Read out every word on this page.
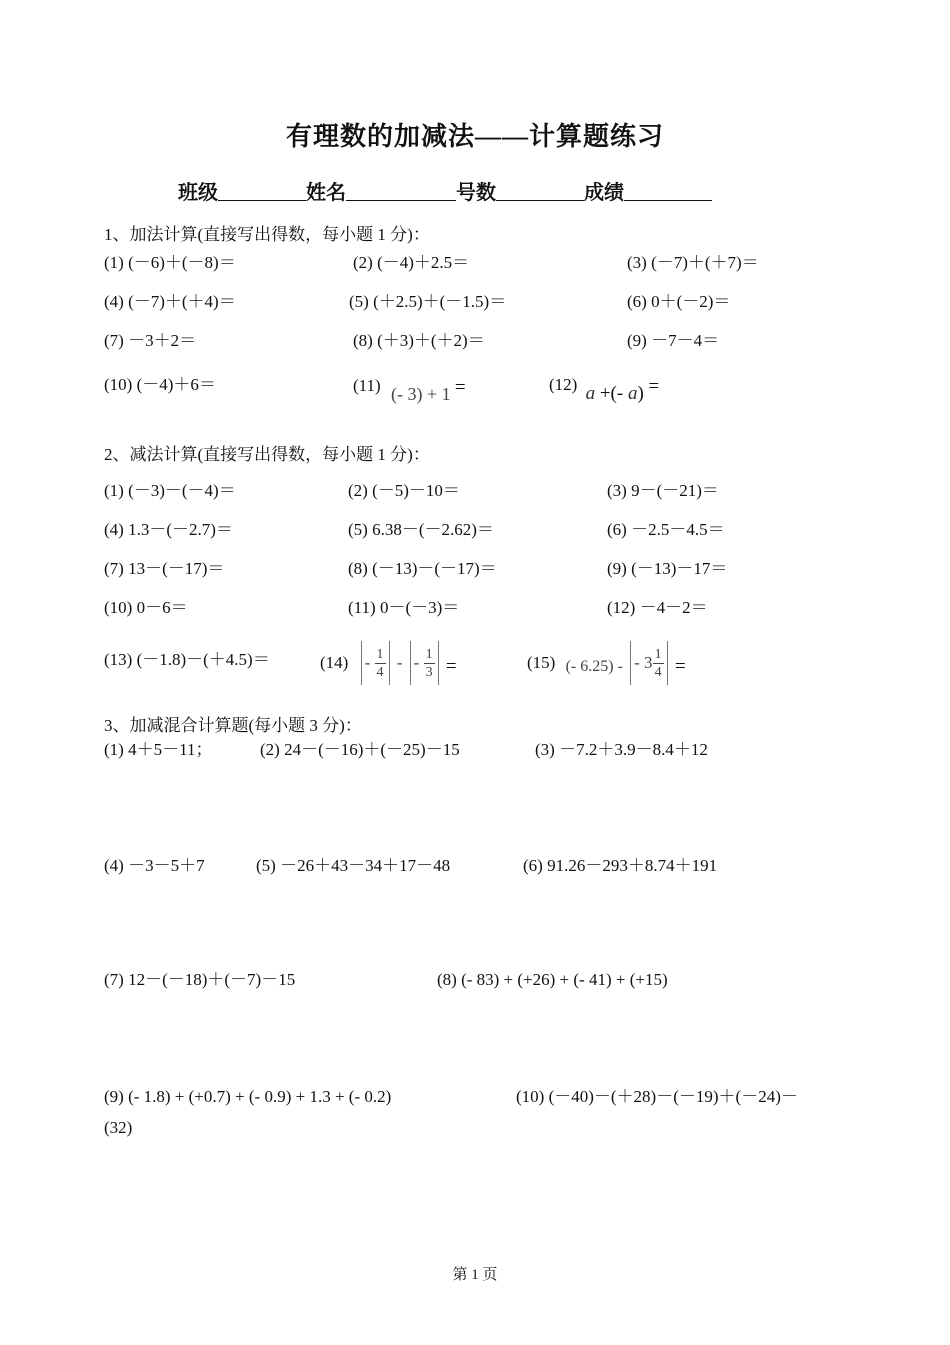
有理数的加减法——计算题练习
班级	姓名	号数	成绩
1、加法计算(直接写出得数，每小题 1 分)：
(1) (－6)＋(－8)＝	(2) (－4)＋2.5＝	(3) (－7)＋(＋7)＝
(4) (－7)＋(＋4)＝	(5) (＋2.5)＋(－1.5)＝	(6) 0＋(－2)＝
(7) －3＋2＝	(8) (＋3)＋(＋2)＝	(9) －7－4＝
(10) (－4)＋6＝	(11) (- 3) + 1 =	(12) a +(- a) =
2、减法计算(直接写出得数，每小题 1 分)：
(1) (－3)－(－4)＝	(2) (－5)－10＝	(3) 9－(－21)＝
(4) 1.3－(－2.7)＝	(5) 6.38－(－2.62)＝	(6) －2.5－4.5＝
(7) 13－(－17)＝	(8) (－13)－(－17)＝	(9) (－13)－17＝
(10) 0－6＝	(11) 0－(－3)＝	(12) －4－2＝
(13) (－1.8)－(＋4.5)＝	$(14) - \frac{1}{4}$ - - $\frac{1}{3}$ =	(15) (- 6.25) - - $3 \frac{1}{4}$ =
3、加减混合计算题(每小题 3 分)：
(1) 4＋5－11；	(2) 24－(－16)＋(－25)－15	(3) －7.2＋3.9－8.4＋12
(4) －3－5＋7	(5) －26＋43－34＋17－48	(6) 91.26－293＋8.74＋191
(7) 12－(－18)＋(－7)－15	(8) (- 83) + (+26) + (- 41) + (+15)
(9) (- 1.8) + (+0.7) + (- 0.9) + 1.3 + (- 0.2)	(10) (－40)－(＋28)－(－19)＋(－24)－
(32)
第 1 页
